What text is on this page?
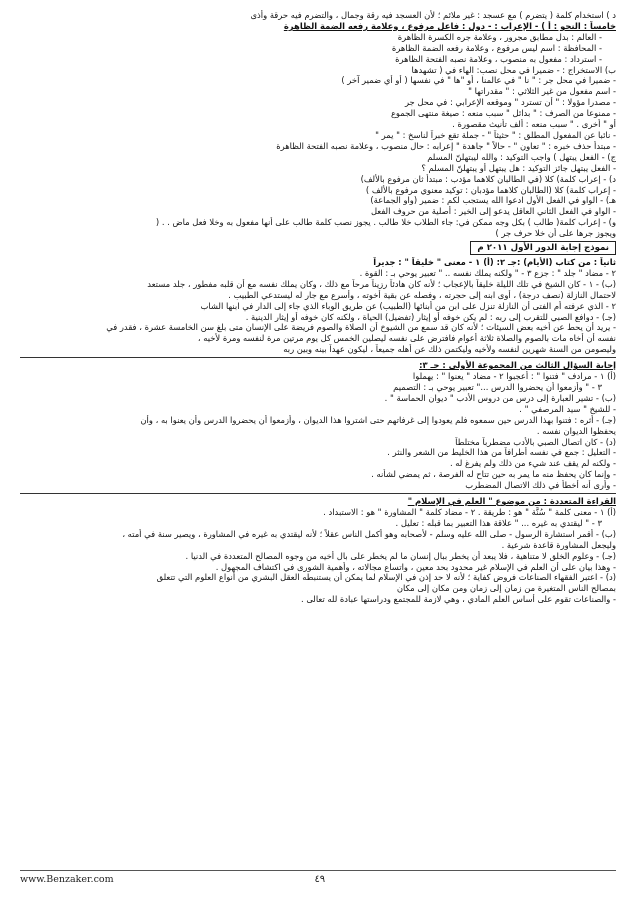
د ) استخدام كلمة ( يتضرم ) مع عسجد : غير ملائم ؛ لأن العسجد فيه رقة وجمال ، والتضرم فيه حرقة وأذى
خامساً : النحو : أ ) - الإعراب : - دول : فاعل مرفوع ، وعلامة رفعه الضمة الظاهرة
- العالم : بدل مطابق مجرور ، وعلامة جره الكسرة الظاهرة
- المحافظة : اسم ليس مرفوع ، وعلامة رفعه الضمة الظاهرة
- استرداد : مفعول به منصوب ، وعلامة نصبه الفتحة الظاهرة
ب) الاستخراج : - ضميرا في محل نصب: الهاء في ( تشهدها
- ضميرا في محل جر : " نا " في عالمنا ، أو "ها " في نفسها ( أو أي ضمير آخر )
- اسم مفعول من غير الثلاثي : " مقدراتها "
- مصدرا مؤولا : " أن تسترد " وموقعه الإعرابي : في محل جر
- ممنوعا من الصرف : " بدائل " سبب منعه : صيغة منتهى الجموع
أو " أخرى . " سبب منعه : ألف تأنيث مقصورة .
- نائبا عن المفعول المطلق : " حثيثاً " - جملة تقع خبراً لناسخ : " يمر "
- مبتدأ حذف خبره : " تعاون " - حالاً " جاهدة " إعرابه : حال منصوب ، وعلامة نصبه الفتحة الظاهرة
ج) - الفعل يبتهل ) واجب التوكيد : والله ليبتهلنّ المسلم
- الفعل يبتهل جائز التوكيد : هل يبتهل أو يبتهلنّ المسلم ؟
د) - إعراب كلمة) كلا (في الطالبان كلاهما مؤدب : مبتدأ ثان مرفوع بالألف)
- إعراب كلمة) كلا (الطالبان كلاهما مؤدبان : توكيد معنوي مرفوع بالألف )
هـ) - الواو في الفعل الأول ادعوا الله يستجب لكم : ضمير (واو الجماعة)
- الواو في الفعل الثاني العاقل يدعو إلى الخير : أصلية من حروف الفعل
و) - إعراب كلمة( طالب ) بكل وجه ممكن في: جاء الطلاب خلا طالب . يجوز نصب كلمة طالب على أنها مفعول به وخلا فعل ماض . . (
ويجوز جرها على أن خلا حرف جر )
نموذج إجابة الدور الأول ٢٠١١ م
ثانياً : من كتاب (الأيام) :جـ ٢: (أ) ١ - معنى " خليقاً " : جديراً
٢ - مضاد " جلد " : جزع ٣ - " ولكنه يملك نفسه .. " تعبير يوحي بـ : القوة .
(ب) - ١ - كان الشيخ في تلك الليلة خليقاً بالإعجاب ؛ لأنه كان هادئاً رزيناً مرحاً مع ذلك ، وكان يملك نفسه مع أن قلبه مفطور ، جلد مستعد
لاحتمال النازلة (نصف درجة) ، أوى ابنه إلى حجرته ، وفصله عن بقية أخوته ، وأسرع مع جار له ليستدعي الطبيب .
٢ - الذي عرفته أم الفتى أن النازلة تنزل على ابن من أبنائها (الطبيب) عن طريق الوباء الذي جاء إلى الدار في ابنها الشاب
(جـ) - دوافع الصبي للتقرب إلى ربه : لم يكن خوفه أو إيثار (تفضيل) الحياة ، ولكنه كان خوفه أو إيثار الدينية .
- يريد أن يحط عن أخيه بعض السيئات ؛ لأنه كان قد سمع من الشيوخ أن الصلاة والصوم فريضة على الإنسان متى بلغ سن الخامسة عشرة ، فقدر في
نفسه أن أخاه مات بالصوم والصلاة ثلاثة أعوام فافترض على نفسه ليصلين الخمس كل يوم مرتين مرة لنفسه ومرة لأخيه ،
وليصومن من السنة شهرين لنفسه ولأخيه وليكتمن ذلك عن أهله جميعاً ، ليكون عهداً بينه وبين ربه
إجابة السؤال الثالث من المجموعة الأولى : جـ ٣:
(أ) ١ - مرادف " فتنوا " : أعجبوا ٢ - مضاد " يعنوا " : يهملوا
٣ - " وأزمعوا أن يحضروا الدرس ..." تعبير يوحي بـ : التصميم
(ب) - تشير العبارة إلى درس من دروس الأدب " ديوان الحماسة " .
- للشيخ " سيد المرصفي " .
(جـ) - أثره : فتنوا بهذا الدرس حين سمعوه فلم يعودوا إلى غرفاتهم حتى اشتروا هذا الديوان ، وأزمعوا أن يحضروا الدرس وأن يعنوا به ، وأن
يحفظوا الديوان نفسه .
(د) - كان اتصال الصبي بالأدب مضطرباً مختلطاً
- التعليل : جمع في نفسه أطرافاً من هذا الخليط من الشعر والنثر .
- ولكنه لم يقف عند شيء من ذلك ولم يفرغ له .
- وإنما كان يحفظ منه ما يمر به حين تتاح له الفرصة ، ثم يمضي لشأنه .
- وأرى أنه أخطأ في ذلك الاتصال المضطرب
القراءة المتعددة : من موضوع " العلم في الإسلام "
(أ) ١ - معنى كلمة " سُنَّة " هو : طريقة . ٢ - مضاد كلمة " المشاورة " هو : الاستبداد .
٣ - " ليقتدي به غيره ... " علاقة هذا التعبير بما قبله : تعليل .
(ب) - أقمر استشارة الرسول - صلى الله عليه وسلم - لأصحابه وهو أكمل الناس عقلاً ؛ لأنه ليقتدي به غيره في المشاورة ، ويصير سنة في أمته ،
وليجعل المشاورة قاعدة شرعية .
(جـ) - وعلوم الخلق لا متناهية ، فلا يبعد أن يخطر ببال إنسان ما لم يخطر على بال أخيه من وجوه المصالح المتعددة في الدنيا .
- وهذا بيان على أن العلم في الإسلام غير محدود بحد معين ، واتساع مجالاته ، وأهمية الشورى في اكتشاف المجهول .
(د) - اعتبر الفقهاء الصناعات فروض كفاية ؛ لأنه لا حد إذن في الإسلام لما يمكن أن يستنبطه العقل البشري من أنواع العلوم التي تتعلق
بمصالح الناس المتغيرة من زمان إلى زمان ومن مكان إلى مكان
- والصناعات تقوم على أساس العلم المادي ، وهي لازمة للمجتمع ودراستها عبادة لله تعالى .
www.Benzaker.com	٤٩
